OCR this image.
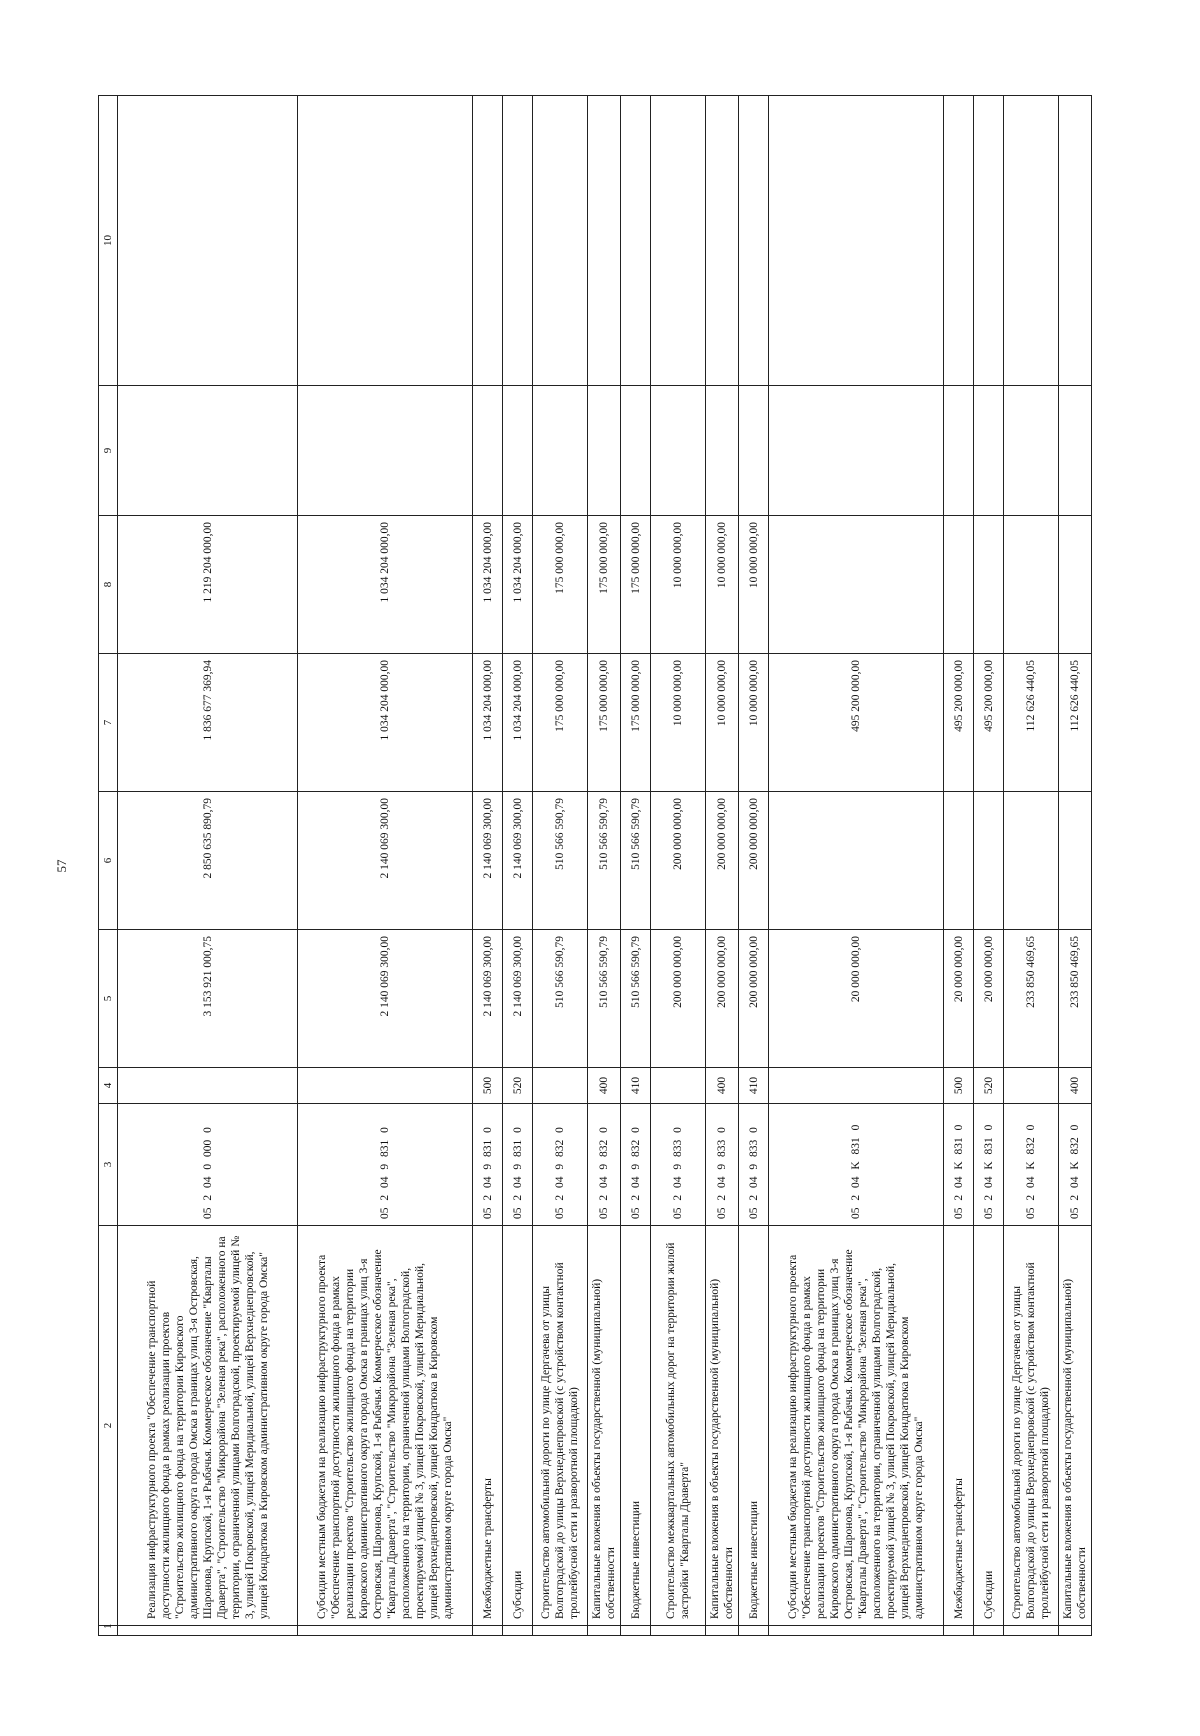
57
1	2	3	4	5	6	7	8	9	10
	Реализация инфраструктурного проекта "Обеспечение транспортной доступности жилищного фонда в рамках реализации проектов "Строительство жилищного фонда на территории Кировского административного округа города Омска в границах улиц 3-я Островская, Шаронова, Крупской, 1-я Рыбачья. Коммерческое обозначение "Кварталы Драверта", "Строительство "Микрорайона "Зеленая река", расположенного на территории, ограниченной улицами Волгоградской, проектируемой улицей № 3, улицей Покровской, улицей Меридиальной, улицей Верхнеднепровской, улицей Кондратюка в Кировском административном округе города Омска"	05 2 04 0 000 0		3 153 921 000,75	2 850 635 890,79	1 836 677 369,94	1 219 204 000,00		
	Субсидии местным бюджетам на реализацию инфраструктурного проекта "Обеспечение транспортной доступности жилищного фонда в рамках реализации проектов "Строительство жилищного фонда на территории Кировского административного округа города Омска в границах улиц 3-я Островская, Шаронова, Крупской, 1-я Рыбачья. Коммерческое обозначение "Кварталы Драверта", "Строительство "Микрорайона "Зеленая река", расположенного на территории, ограниченной улицами Волгоградской, проектируемой улицей № 3, улицей Покровской, улицей Меридиальной, улицей Верхнеднепровской, улицей Кондратюка в Кировском административном округе города Омска"	05 2 04 9 831 0		2 140 069 300,00	2 140 069 300,00	1 034 204 000,00	1 034 204 000,00		
	Межбюджетные трансферты	05 2 04 9 831 0	500	2 140 069 300,00	2 140 069 300,00	1 034 204 000,00	1 034 204 000,00		
	Субсидии	05 2 04 9 831 0	520	2 140 069 300,00	2 140 069 300,00	1 034 204 000,00	1 034 204 000,00		
	Строительство автомобильной дороги по улице Дергачева от улицы Волгоградской до улицы Верхнеднепровской (с устройством контактной троллейбусной сети и разворотной площадкой)	05 2 04 9 832 0		510 566 590,79	510 566 590,79	175 000 000,00	175 000 000,00		
	Капитальные вложения в объекты государственной (муниципальной) собственности	05 2 04 9 832 0	400	510 566 590,79	510 566 590,79	175 000 000,00	175 000 000,00		
	Бюджетные инвестиции	05 2 04 9 832 0	410	510 566 590,79	510 566 590,79	175 000 000,00	175 000 000,00		
	Строительство межквартальных автомобильных дорог на территории жилой застройки "Кварталы Драверта"	05 2 04 9 833 0		200 000 000,00	200 000 000,00	10 000 000,00	10 000 000,00		
	Капитальные вложения в объекты государственной (муниципальной) собственности	05 2 04 9 833 0	400	200 000 000,00	200 000 000,00	10 000 000,00	10 000 000,00		
	Бюджетные инвестиции	05 2 04 9 833 0	410	200 000 000,00	200 000 000,00	10 000 000,00	10 000 000,00		
	Субсидии местным бюджетам на реализацию инфраструктурного проекта "Обеспечение транспортной доступности жилищного фонда в рамках реализации проектов "Строительство жилищного фонда на территории Кировского административного округа города Омска в границах улиц 3-я Островская, Шаронова, Крупской, 1-я Рыбачья. Коммерческое обозначение "Кварталы Драверта", "Строительство "Микрорайона "Зеленая река", расположенного на территории, ограниченной улицами Волгоградской, проектируемой улицей № 3, улицей Покровской, улицей Меридиальной, улицей Верхнеднепровской, улицей Кондратюка в Кировском административном округе города Омска"	05 2 04 K 831 0		20 000 000,00		495 200 000,00			
	Межбюджетные трансферты	05 2 04 K 831 0	500	20 000 000,00		495 200 000,00			
	Субсидии	05 2 04 K 831 0	520	20 000 000,00		495 200 000,00			
	Строительство автомобильной дороги по улице Дергачева от улицы Волгоградской до улицы Верхнеднепровской (с устройством контактной троллейбусной сети и разворотной площадкой)	05 2 04 K 832 0		233 850 469,65		112 626 440,05			
	Капитальные вложения в объекты государственной (муниципальной) собственности	05 2 04 K 832 0	400	233 850 469,65		112 626 440,05			
